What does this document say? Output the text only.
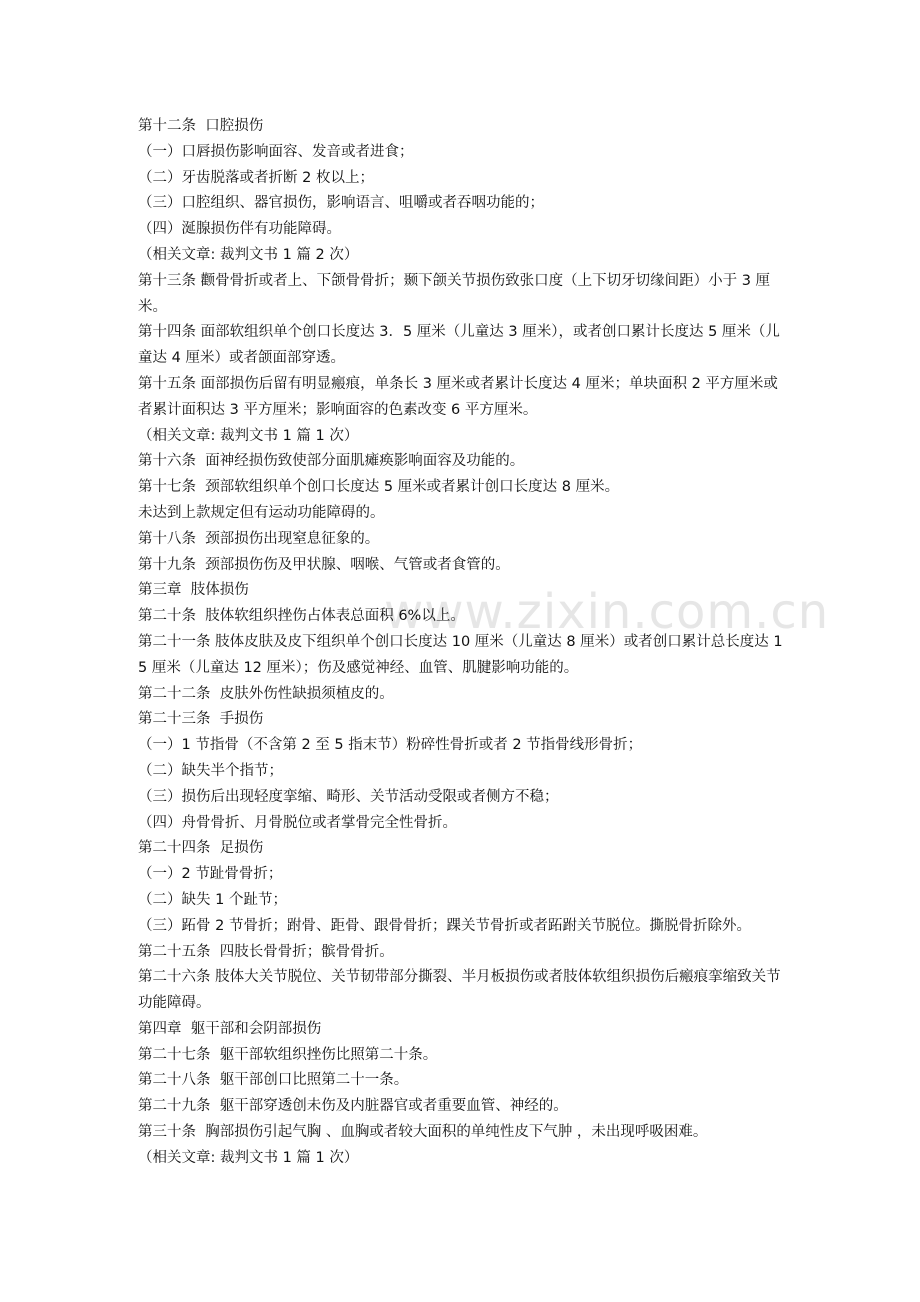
www.zixin.com.cn
第十二条  口腔损伤
（一）口唇损伤影响面容、发音或者进食；
（二）牙齿脱落或者折断 2 枚以上；
（三）口腔组织、器官损伤，影响语言、咀嚼或者吞咽功能的；
（四）涎腺损伤伴有功能障碍。
（相关文章: 裁判文书 1 篇 2 次）
第十三条 颧骨骨折或者上、下颌骨骨折；颞下颌关节损伤致张口度（上下切牙切缘间距）小于 3 厘米。
第十四条 面部软组织单个创口长度达 3．5 厘米（儿童达 3 厘米），或者创口累计长度达 5 厘米（儿童达 4 厘米）或者颌面部穿透。
第十五条 面部损伤后留有明显瘢痕，单条长 3 厘米或者累计长度达 4 厘米；单块面积 2 平方厘米或者累计面积达 3 平方厘米；影响面容的色素改变 6 平方厘米。
（相关文章: 裁判文书 1 篇 1 次）
第十六条  面神经损伤致使部分面肌瘫痪影响面容及功能的。
第十七条  颈部软组织单个创口长度达 5 厘米或者累计创口长度达 8 厘米。
未达到上款规定但有运动功能障碍的。
第十八条  颈部损伤出现窒息征象的。
第十九条  颈部损伤伤及甲状腺、咽喉、气管或者食管的。
第三章  肢体损伤
第二十条  肢体软组织挫伤占体表总面积 6%以上。
第二十一条 肢体皮肤及皮下组织单个创口长度达 10 厘米（儿童达 8 厘米）或者创口累计总长度达 15 厘米（儿童达 12 厘米）；伤及感觉神经、血管、肌腱影响功能的。
第二十二条  皮肤外伤性缺损须植皮的。
第二十三条  手损伤
（一）1 节指骨（不含第 2 至 5 指末节）粉碎性骨折或者 2 节指骨线形骨折；
（二）缺失半个指节；
（三）损伤后出现轻度挛缩、畸形、关节活动受限或者侧方不稳；
（四）舟骨骨折、月骨脱位或者掌骨完全性骨折。
第二十四条  足损伤
（一）2 节趾骨骨折；
（二）缺失 1 个趾节；
（三）跖骨 2 节骨折；跗骨、距骨、跟骨骨折；踝关节骨折或者跖跗关节脱位。撕脱骨折除外。
第二十五条  四肢长骨骨折；髌骨骨折。
第二十六条 肢体大关节脱位、关节韧带部分撕裂、半月板损伤或者肢体软组织损伤后瘢痕挛缩致关节功能障碍。
第四章  躯干部和会阴部损伤
第二十七条  躯干部软组织挫伤比照第二十条。
第二十八条  躯干部创口比照第二十一条。
第二十九条  躯干部穿透创未伤及内脏器官或者重要血管、神经的。
第三十条  胸部损伤引起气胸 、血胸或者较大面积的单纯性皮下气肿 ，未出现呼吸困难。
（相关文章: 裁判文书 1 篇 1 次）
